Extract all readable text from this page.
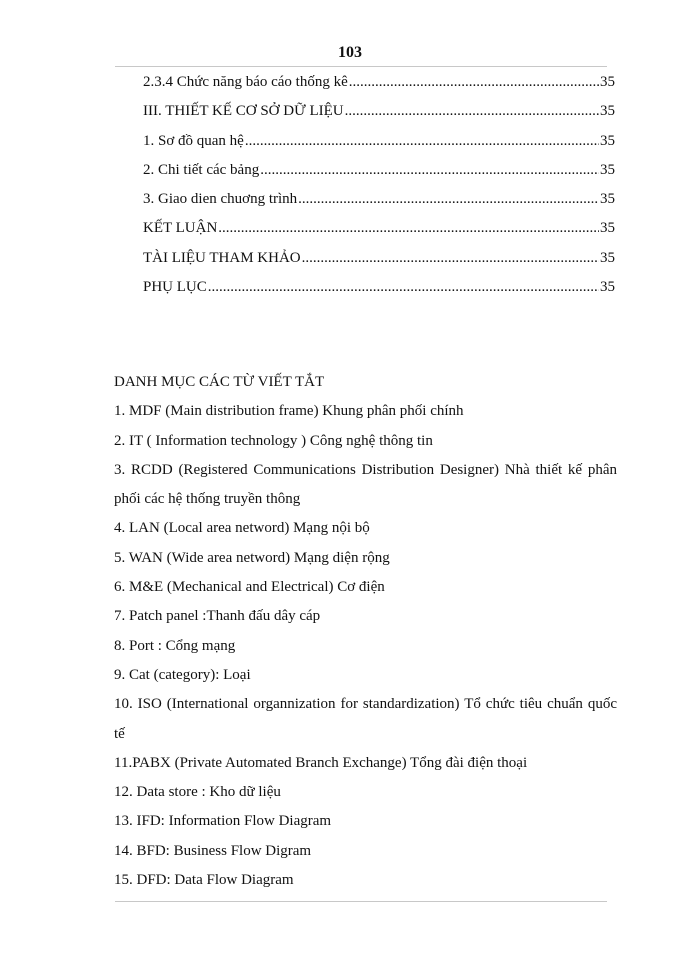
103
2.3.4 Chức năng báo cáo thống kê .....	35
III. THIẾT KẾ CƠ SỞ DỮ LIỆU .....	35
1. Sơ đồ quan hệ .....	35
2. Chi tiết các bảng .....	35
3. Giao dien chuơng trình .....	35
KẾT LUẬN .....	35
TÀI LIỆU THAM KHẢO .....	35
PHỤ LỤC .....	35
DANH MỤC CÁC TỪ VIẾT TẮT
1. MDF (Main distribution frame) Khung phân phối chính
2. IT ( Information technology ) Công nghệ thông tin
3. RCDD (Registered Communications Distribution Designer) Nhà thiết kế phân phối các hệ thống truyền thông
4. LAN (Local area netword) Mạng nội bộ
5. WAN (Wide area netword) Mạng diện rộng
6. M&E (Mechanical and Electrical) Cơ điện
7. Patch panel :Thanh đấu dây cáp
8. Port : Cổng mạng
9. Cat (category): Loại
10. ISO (International organnization for standardization) Tổ chức tiêu chuẩn quốc tế
11.PABX (Private Automated Branch Exchange) Tổng đài điện thoại
12. Data store : Kho dữ liệu
13. IFD: Information Flow Diagram
14. BFD: Business Flow Digram
15. DFD: Data Flow Diagram
